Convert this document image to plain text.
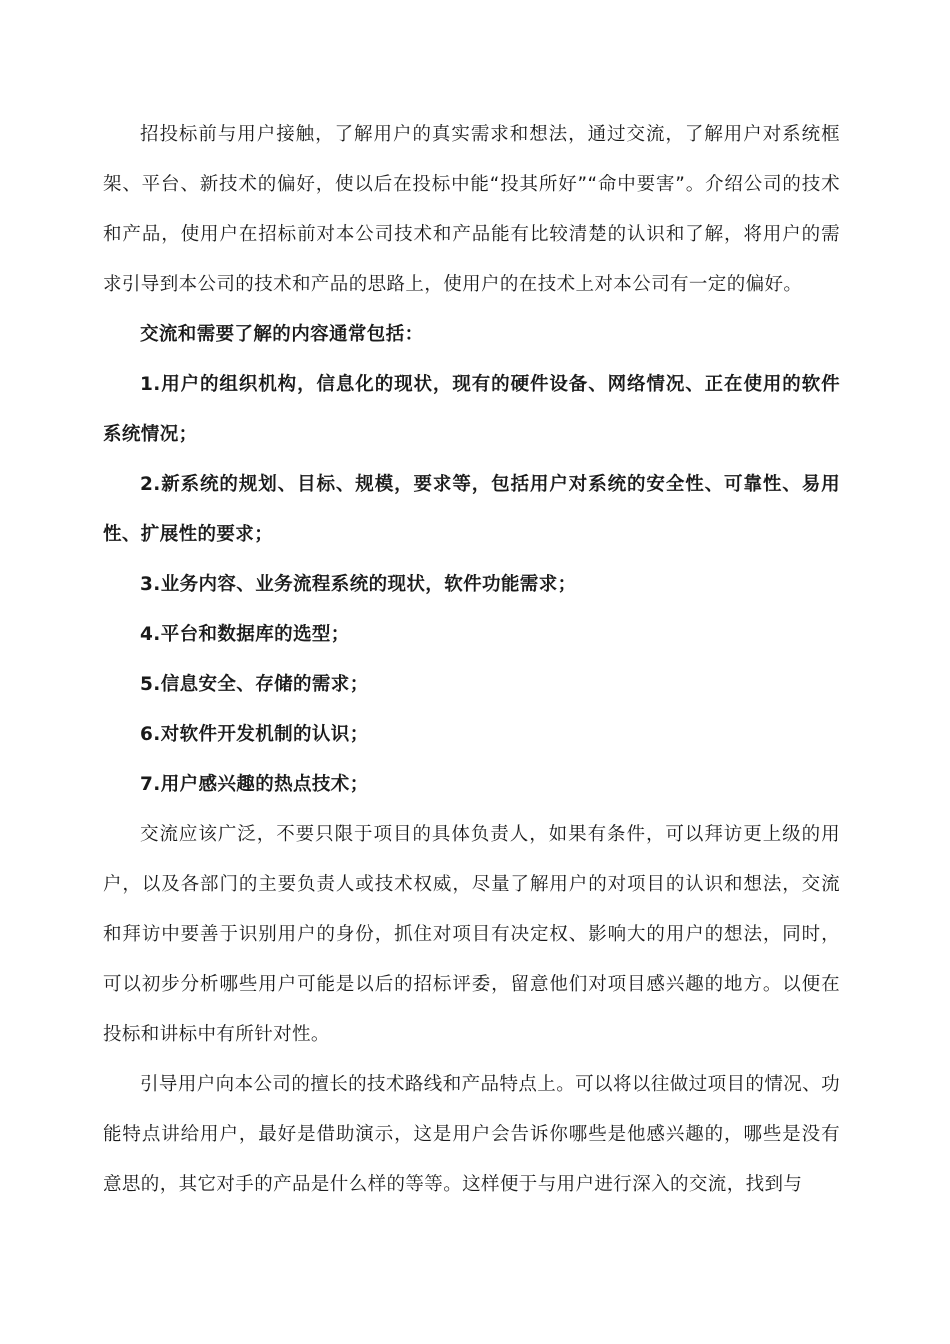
招投标前与用户接触，了解用户的真实需求和想法，通过交流，了解用户对系统框架、平台、新技术的偏好，使以后在投标中能“投其所好”“命中要害”。介绍公司的技术和产品，使用户在招标前对本公司技术和产品能有比较清楚的认识和了解，将用户的需求引导到本公司的技术和产品的思路上，使用户的在技术上对本公司有一定的偏好。

交流和需要了解的内容通常包括：

1.用户的组织机构，信息化的现状，现有的硬件设备、网络情况、正在使用的软件系统情况；

2.新系统的规划、目标、规模，要求等，包括用户对系统的安全性、可靠性、易用性、扩展性的要求；

3.业务内容、业务流程系统的现状，软件功能需求；

4.平台和数据库的选型；

5.信息安全、存储的需求；

6.对软件开发机制的认识；

7.用户感兴趣的热点技术；

交流应该广泛，不要只限于项目的具体负责人，如果有条件，可以拜访更上级的用户，以及各部门的主要负责人或技术权威，尽量了解用户的对项目的认识和想法，交流和拜访中要善于识别用户的身份，抓住对项目有决定权、影响大的用户的想法，同时，可以初步分析哪些用户可能是以后的招标评委，留意他们对项目感兴趣的地方。以便在投标和讲标中有所针对性。

引导用户向本公司的擅长的技术路线和产品特点上。可以将以往做过项目的情况、功能特点讲给用户，最好是借助演示，这是用户会告诉你哪些是他感兴趣的，哪些是没有意思的，其它对手的产品是什么样的等等。这样便于与用户进行深入的交流，找到与
